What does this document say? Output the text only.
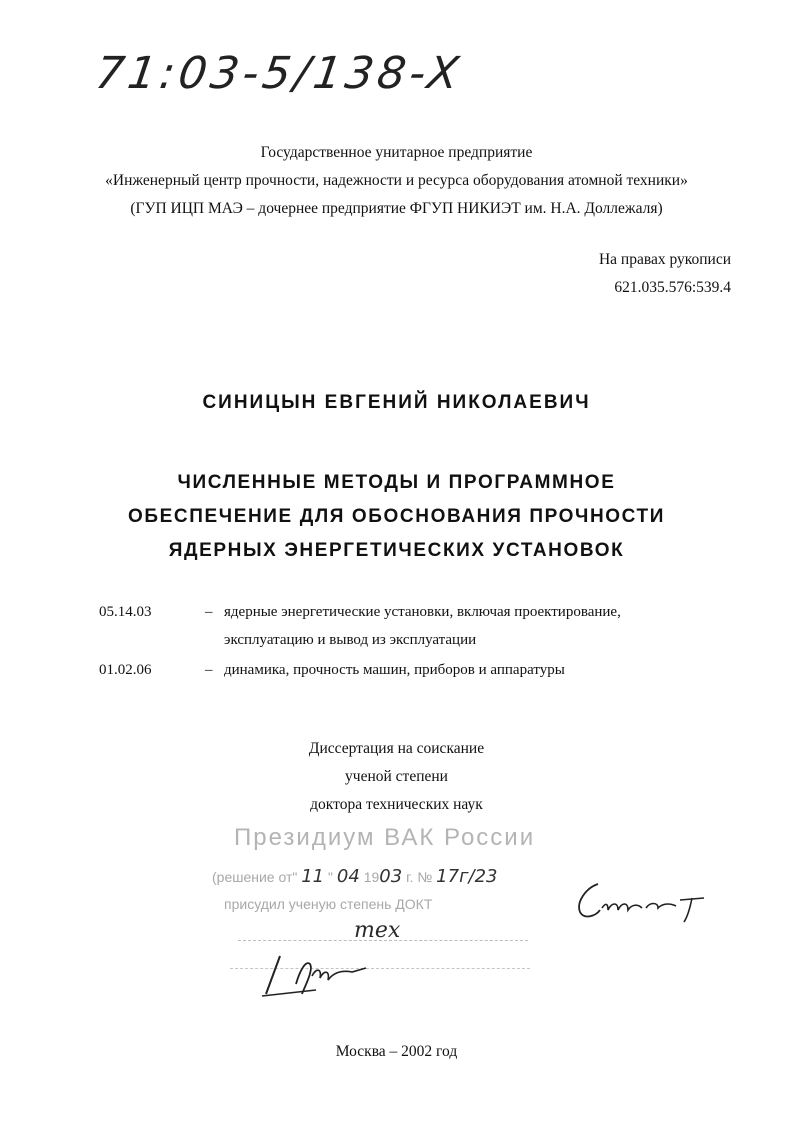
71:03-5/138-X
Государственное унитарное предприятие
«Инженерный центр прочности, надежности и ресурса оборудования атомной техники»
(ГУП ИЦП МАЭ – дочернее предприятие ФГУП НИКИЭТ им. Н.А. Доллежаля)
На правах рукописи
621.035.576:539.4
СИНИЦЫН ЕВГЕНИЙ НИКОЛАЕВИЧ
ЧИСЛЕННЫЕ МЕТОДЫ И ПРОГРАММНОЕ
ОБЕСПЕЧЕНИЕ ДЛЯ ОБОСНОВАНИЯ ПРОЧНОСТИ
ЯДЕРНЫХ ЭНЕРГЕТИЧЕСКИХ УСТАНОВОК
05.14.03	– ядерные энергетические установки, включая проектирование,
эксплуатацию и вывод из эксплуатации
01.02.06	– динамика, прочность машин, приборов и аппаратуры
Диссертация на соискание
ученой степени
доктора технических наук
Президиум ВАК России
(решение от" 11 " 04 1903 г. № 17г/23
присудил ученую степень ДОКТ
тех
Москва – 2002 год
